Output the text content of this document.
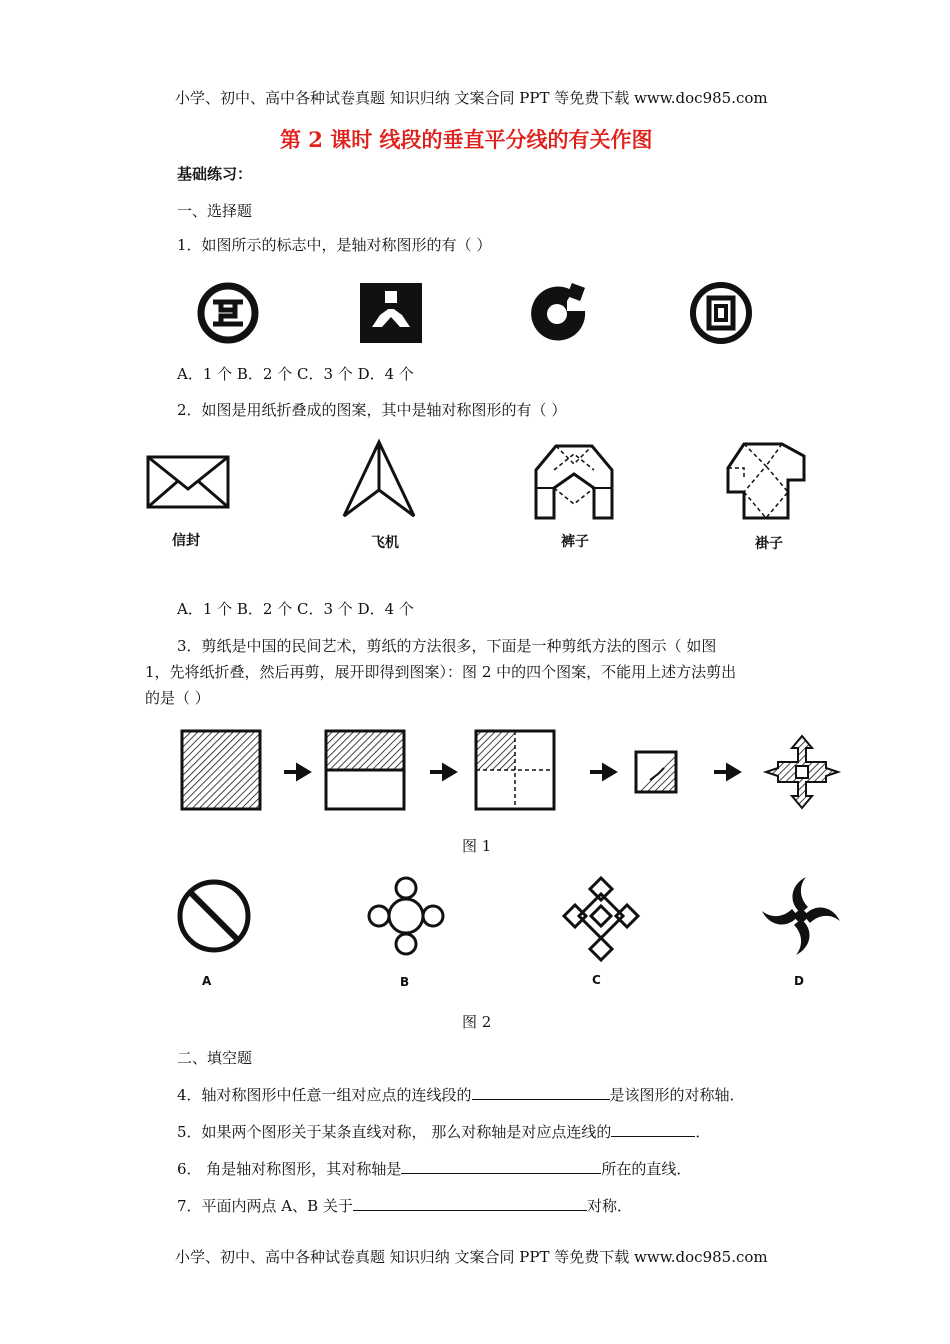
小学、初中、高中各种试卷真题 知识归纳 文案合同 PPT 等免费下载 www.doc985.com
小学、初中、高中各种试卷真题 知识归纳 文案合同 PPT 等免费下载 www.doc985.com
第 2 课时 线段的垂直平分线的有关作图
基础练习：
一、选择题
1．如图所示的标志中，是轴对称图形的有（ ）
A．1 个 B．2 个 C．3 个 D．4 个
2．如图是用纸折叠成的图案，其中是轴对称图形的有（ ）
信封	飞机	裤子	褂子
A．1 个 B．2 个 C．3 个 D．4 个
3．剪纸是中国的民间艺术，剪纸的方法很多，下面是一种剪纸方法的图示（ 如图
1，先将纸折叠，然后再剪，展开即得到图案）：图 2 中的四个图案，不能用上述方法剪出
的是（ ）
图 1
A	B	C	D
图 2
二、填空题
4．轴对称图形中任意一组对应点的连线段的	是该图形的对称轴．
5．如果两个图形关于某条直线对称， 那么对称轴是对应点连线的	．
6． 角是轴对称图形，其对称轴是	所在的直线．
7．平面内两点 A、B 关于	对称．
